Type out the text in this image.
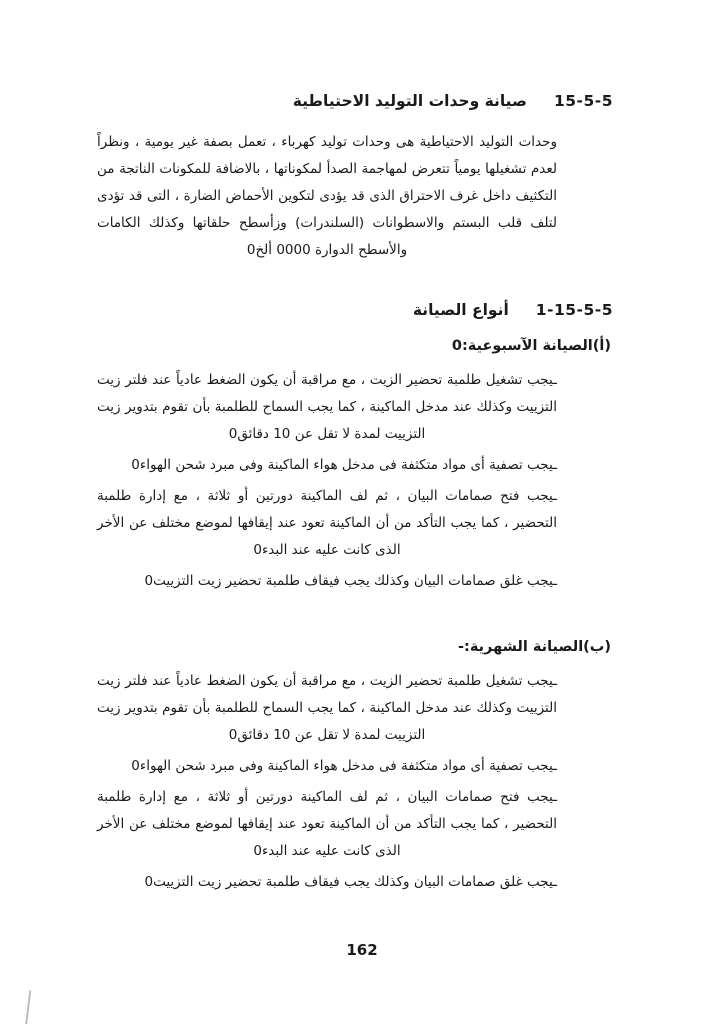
15-5-5
صيانة وحدات التوليد الاحتياطية

وحدات التوليد الاحتياطية هى وحدات توليد كهرباء ، تعمل بصفة غير يومية ، ونظراً لعدم تشغيلها يومياً تتعرض لمهاجمة الصدأ لمكوناتها ، بالاضافة للمكونات الناتجة من التكثيف داخل غرف الاحتراق الذى قد يؤدى لتكوين الأحماض الضارة ، التى قد تؤدى لتلف قلب البستم والاسطوانات (السلندرات) وزأسطح حلقاتها وكذلك الكامات والأسطح الدوارة 0000 ألخ0

1-15-5-5
أنواع الصيانة
(أ)الصيانة الآسبوعية:0

ـيجب تشغيل طلمبة تحضير الزيت ، مع مراقبة أن يكون الضغط عادياً عند فلتر زيت التزييت وكذلك عند مدخل الماكينة ، كما يجب السماح للطلمبة بأن تقوم بتدوير زيت التزييت لمدة لا تقل عن 10 دقائق0

ـيجب تصفية أى مواد متكثفة فى مدخل هواء الماكينة وفى مبرد شحن الهواء0

ـيجب فتح صمامات البيان ، ثم لف الماكينة دورتين أو ثلاثة ، مع إدارة طلمبة التحضير ، كما يجب التأكد من أن الماكينة تعود عند إيقافها لموضع مختلف عن الأخر الذى كانت عليه عند البدء0

ـيجب غلق صمامات البيان وكذلك يجب فيقاف طلمبة تحضير زيت التزييت0

(ب)الصيانة الشهرية:-

ـيجب تشغيل طلمبة تحضير الزيت ، مع مراقبة أن يكون الضغط عادياً عند فلتر زيت التزييت وكذلك عند مدخل الماكينة ، كما يجب السماح للطلمبة بأن تقوم بتدوير زيت التزييت لمدة لا تقل عن 10 دقائق0

ـيجب تصفية أى مواد متكثفة فى مدخل هواء الماكينة وفى مبرد شحن الهواء0

ـيجب فتح صمامات البيان ، ثم لف الماكينة دورتين أو ثلاثة ، مع إدارة طلمبة التحضير ، كما يجب التأكد من أن الماكينة تعود عند إيقافها لموضع مختلف عن الأخر الذى كانت عليه عند البدء0

ـيجب غلق صمامات البيان وكذلك يجب فيقاف طلمبة تحضير زيت التزييت0

162
